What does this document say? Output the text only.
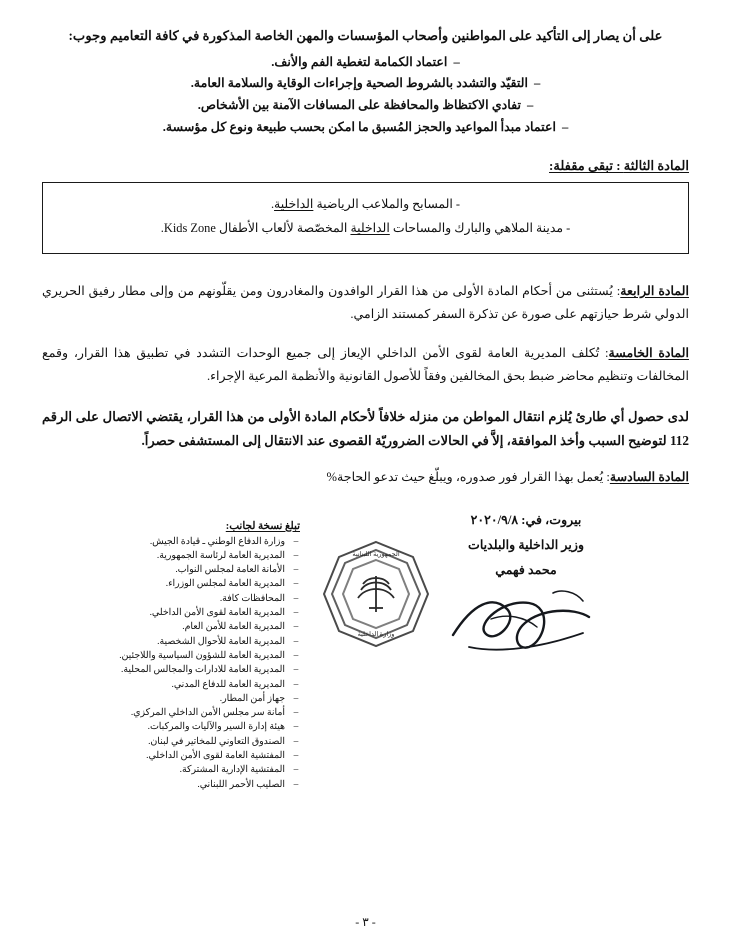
على أن يصار إلى التأكيد على المواطنين وأصحاب المؤسسات والمهن الخاصة المذكورة في كافة التعاميم وجوب:
–اعتماد الكمامة لتغطية الفم والأنف.
–التقيّد والتشدد بالشروط الصحية وإجراءات الوقاية والسلامة العامة.
–تفادي الاكتظاظ والمحافظة على المسافات الآمنة بين الأشخاص.
–اعتماد مبدأ المواعيد والحجز المُسبق ما امكن بحسب طبيعة ونوع كل مؤسسة.
المادة الثالثة : تبقى مقفلة:
- المسابح والملاعب الرياضية الداخلية.
- مدينة الملاهي والبارك والمساحات الداخلية المخصّصة لألعاب الأطفال Kids Zone.

المادة الرابعة: يُستثنى من أحكام المادة الأولى من هذا القرار الوافدون والمغادرون ومن يقلّونهم من وإلى مطار رفيق الحريري الدولي شرط حيازتهم على صورة عن تذكرة السفر كمستند الزامي.

المادة الخامسة: تُكلف المديرية العامة لقوى الأمن الداخلي الإيعاز إلى جميع الوحدات التشدد في تطبيق هذا القرار، وقمع المخالفات وتنظيم محاضر ضبط بحق المخالفين وفقاً للأصول القانونية والأنظمة المرعية الإجراء.

لدى حصول أي طارئ يُلزم انتقال المواطن من منزله خلافاً لأحكام المادة الأولى من هذا القرار، يقتضي الاتصال على الرقم 112 لتوضيح السبب وأخذ الموافقة، إلاَّ في الحالات الضروريّة القصوى عند الانتقال إلى المستشفى حصراً.

المادة السادسة: يُعمل بهذا القرار فور صدوره، ويبلّغ حيث تدعو الحاجة%

بيروت، في: ٢٠٢٠/٩/٨
وزير الداخلية والبلديات
محمد فهمي
الجمهورية اللبنانية
وزارة الداخلية
تبلغ نسخة لجانب:
–
وزارة الدفاع الوطني ـ قيادة الجيش.
–
المديرية العامة لرئاسة الجمهورية.
–
الأمانة العامة لمجلس النواب.
–
المديرية العامة لمجلس الوزراء.
–
المحافظات كافة.
–
المديرية العامة لقوى الأمن الداخلي.
–
المديرية العامة للأمن العام.
–
المديرية العامة للأحوال الشخصية.
–
المديرية العامة للشؤون السياسية واللاجئين.
–
المديرية العامة للادارات والمجالس المحلية.
–
المديرية العامة للدفاع المدني.
–
جهاز أمن المطار.
–
أمانة سر مجلس الأمن الداخلي المركزي.
–
هيئة إدارة السير والآليات والمركبات.
–
الصندوق التعاوني للمخاتير في لبنان.
–
المفتشية العامة لقوى الأمن الداخلي.
–
المفتشية الإدارية المشتركة.
–
الصليب الأحمر اللبناني.
- ٣ -
